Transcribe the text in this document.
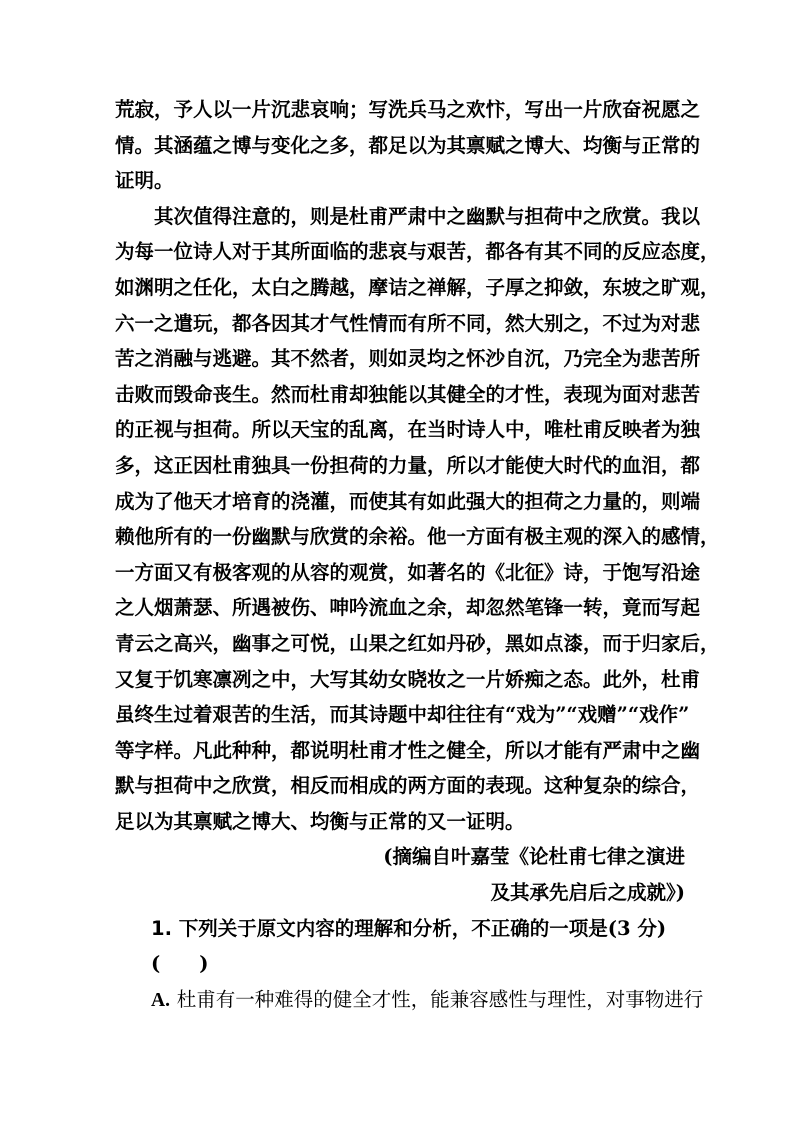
荒寂，予人以一片沉悲哀响；写洗兵马之欢忭，写出一片欣奋祝愿之
情。其涵蕴之博与变化之多，都足以为其禀赋之博大、均衡与正常的
证明。
其次值得注意的，则是杜甫严肃中之幽默与担荷中之欣赏。我以
为每一位诗人对于其所面临的悲哀与艰苦，都各有其不同的反应态度，
如渊明之任化，太白之腾越，摩诘之禅解，子厚之抑敛，东坡之旷观，
六一之遣玩，都各因其才气性情而有所不同，然大别之，不过为对悲
苦之消融与逃避。其不然者，则如灵均之怀沙自沉，乃完全为悲苦所
击败而毁命丧生。然而杜甫却独能以其健全的才性，表现为面对悲苦
的正视与担荷。所以天宝的乱离，在当时诗人中，唯杜甫反映者为独
多，这正因杜甫独具一份担荷的力量，所以才能使大时代的血泪，都
成为了他天才培育的浇灌，而使其有如此强大的担荷之力量的，则端
赖他所有的一份幽默与欣赏的余裕。他一方面有极主观的深入的感情，
一方面又有极客观的从容的观赏，如著名的《北征》诗，于饱写沿途
之人烟萧瑟、所遇被伤、呻吟流血之余，却忽然笔锋一转，竟而写起
青云之高兴，幽事之可悦，山果之红如丹砂，黑如点漆，而于归家后，
又复于饥寒凛冽之中，大写其幼女晓妆之一片娇痴之态。此外，杜甫
虽终生过着艰苦的生活，而其诗题中却往往有“戏为”“戏赠”“戏作”
等字样。凡此种种，都说明杜甫才性之健全，所以才能有严肃中之幽
默与担荷中之欣赏，相反而相成的两方面的表现。这种复杂的综合，
足以为其禀赋之博大、均衡与正常的又一证明。
(摘编自叶嘉莹《论杜甫七律之演进
及其承先启后之成就》)
1. 下列关于原文内容的理解和分析，不正确的一项是(3 分)(　　)
A. 杜甫有一种难得的健全才性，能兼容感性与理性，对事物进行
